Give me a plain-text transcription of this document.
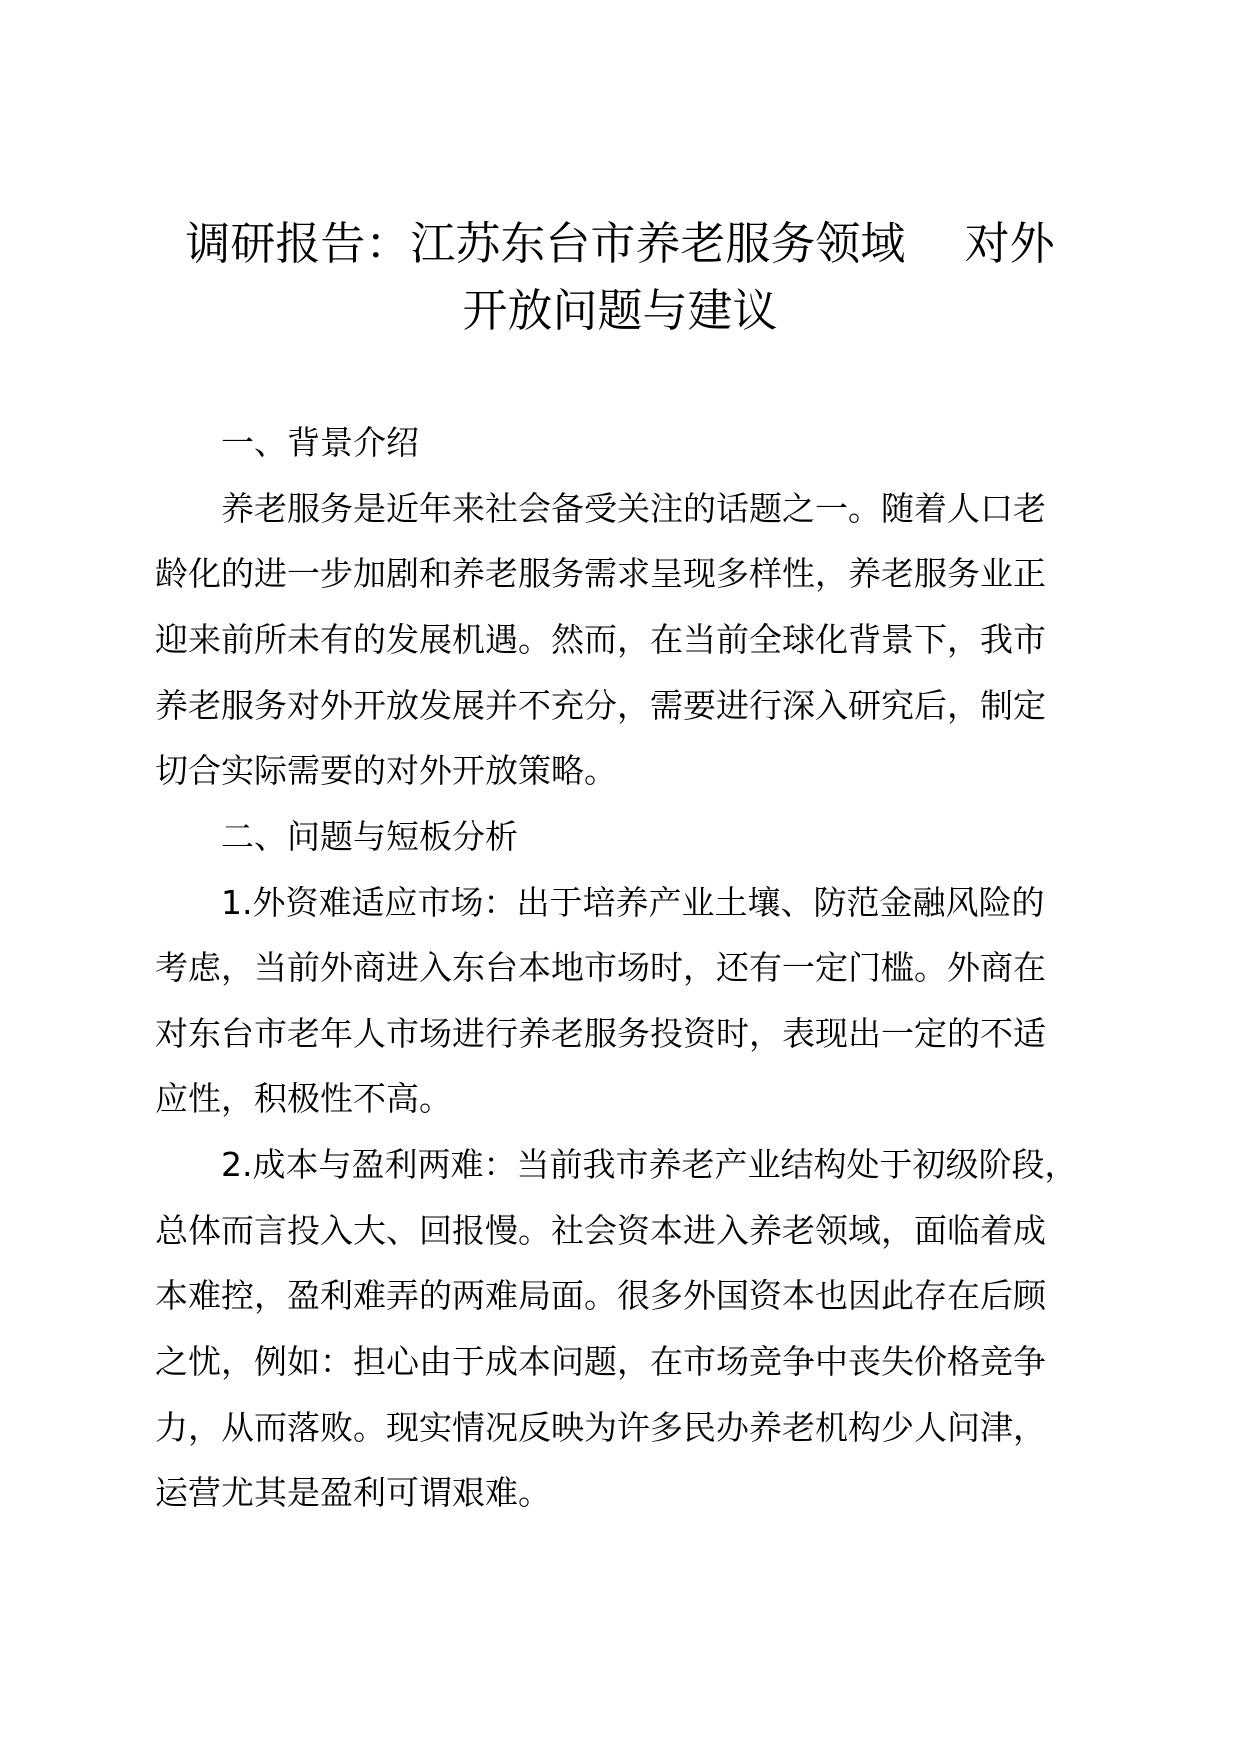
调研报告：江苏东台市养老服务领域　 对外
开放问题与建议

一、背景介绍

养老服务是近年来社会备受关注的话题之一。随着人口老

龄化的进一步加剧和养老服务需求呈现多样性，养老服务业正

迎来前所未有的发展机遇。然而，在当前全球化背景下，我市

养老服务对外开放发展并不充分，需要进行深入研究后，制定

切合实际需要的对外开放策略。

二、问题与短板分析

1.外资难适应市场：出于培养产业土壤、防范金融风险的

考虑，当前外商进入东台本地市场时，还有一定门槛。外商在

对东台市老年人市场进行养老服务投资时，表现出一定的不适

应性，积极性不高。

2.成本与盈利两难：当前我市养老产业结构处于初级阶段，

总体而言投入大、回报慢。社会资本进入养老领域，面临着成

本难控，盈利难弄的两难局面。很多外国资本也因此存在后顾

之忧，例如：担心由于成本问题，在市场竞争中丧失价格竞争

力，从而落败。现实情况反映为许多民办养老机构少人问津，

运营尤其是盈利可谓艰难。
